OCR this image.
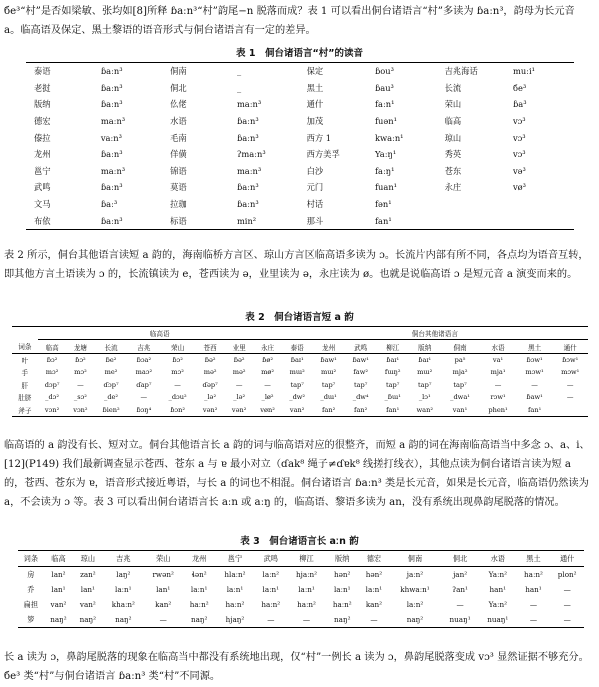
бe³“村”是否如梁敏、张均如[8]所释 ɓaːn³“村”韵尾−n 脱落而成？表 1 可以看出侗台诸语言“村”多读为 ɓaːn³，韵母为长元音 a。临高语及保定、黑土黎语的语音形式与侗台诸语言有一定的差异。
表 1　侗台诸语言“村”的读音
泰语	ɓaːn³	侗南	_	保定	ɓou³	吉兆海话	muːi¹
老挝	ɓaːn³	侗北	_	黑土	ɓau³	长流	бe³
版纳	ɓaːn³	仫佬	maːn³	通什	faːn¹	荣山	ɓa³
德宏	maːn³	水语	ɓaːn³	加茂	fuən¹	临高	vɔ³
傣拉	vaːn³	毛南	ɓaːn³	西方 1	kwaːn¹	琼山	vɔ³
龙州	ɓaːn³	佯僙	ʔmaːn³	西方美孚	Yaːŋ¹	秀英	vɔ³
邕宁	maːn³	锦语	maːn³	白沙	faːŋ¹	苍东	və³
武鸣	ɓaːn³	莫语	ɓaːn³	元门	fuan¹	永庄	vø³
文马	ɓaː³	拉珈	ɓaːn³	村话	fən¹		
布依	ɓaːn³	标语	min²	那斗	fan¹		
表 2 所示，侗台其他语言读短 a 韵的，海南临桥方言区、琼山方言区临高语多读为 ɔ。长流片内部有所不同，各点均为语音互转，即其他方言土语读为 ɔ 的，长流镇读为 e，苍西读为 ə，业里读为 ə，永庄读为 ø。也就是说临高语 ɔ 是短元音 a 演变而来的。
表 2　侗台诸语言短 a 韵
	临高语								侗台其他诸语言								
词条	临高	龙塘	长流	吉兆	荣山	苍西	业里	永庄	泰语	龙州	武鸣	柳江	版纳	侗南	水语	黑土	通什
叶	ɓɔ²	ɓɔ²	ɓe²	ɓɔa²	ɓɔ²	ɓə²	ɓə²	ɓø²	ɓaɪ¹	ɓaw¹	ɓaw¹	ɓaɪ¹	ɓaɪ¹	pa⁵	va¹	ɓɔw¹	ɓɔw¹
手	mɔ²	mɔ²	me²	maɔ²	mɔ²	mə²	mə²	mø²	mɯ²	mɯ²	faw²	fɯŋ²	mɯ²	mja²	mja¹	mɔw¹	mɔw¹
肝	dɔp⁷	—	ɗɔp⁷	ɗap⁷	—	ɗəp⁷	—	—	tap⁷	tap⁷	tap⁷	tap⁷	tap⁷	tap⁷	—	—	—
肚脐	_dɔ²	_sɔ²	_de²	—	_dɔu²	_lə²	_lə²	_lø²	_dw²	_dɯ¹	_dw⁴	_ɓɯ¹	_lɔ¹	_dwa¹	rɔw¹	ɓaw¹	—
斧子	vɔn²	vɔn²	ɓien²	ɓɔŋ⁴	ɓɔn²	vən²	vən²	vøn²	van²	fan²	fan²	fan¹	wan²	van¹	phen¹	fan¹	
临高语的 a 韵没有长、短对立。侗台其他语言长 a 韵的词与临高语对应的很整齐，而短 a 韵的词在海南临高语当中多念 ɔ、a、i、[12](P149) 我们最新调查显示苍西、苍东 a 与 ɐ 最小对立（ɗak⁸ 绳子≠ɗɐk⁸ 线搓打线衣），其他点读为侗台诸语言读为短 a 的，苍西、苍东为 ɐ，语音形式接近粤语，与长 a 的词也不相混。侗台诸语言 ɓaːn³ 类是长元音，如果是长元音，临高语仍然读为 a，不会读为 ɔ 等。表 3 可以看出侗台诸语言长 aːn 或 aːŋ 的，临高语、黎语多读为 an，没有系统出现鼻韵尾脱落的情况。
表 3　侗台诸语言长 aːn 韵
词条	临高	琼山	吉兆	荣山	龙州	邕宁	武鸣	柳江	版纳	德宏	侗南	侗北	水语	黑土	通什
房	lan²	zan²	laŋ²	rwən²	ɬən²	hlaːn²	laːn²	hjaːn²	hən²	hən²	jaːn²	jan²	Yaːn²	haːn²	plon²
乔	lan¹	lan¹	laːn¹	lan¹	laːn¹	laːn¹	laːn¹	laːn¹	laːn¹	laːn¹	khwaːn¹	ʔan¹	han¹	han¹	—
扁担	van²	van²	khaːn²	kan²	haːn²	haːn²	haːn²	haːn²	haːn²	kan²	laːn²	—	Yaːn²	—	—
箩	naŋ²	naŋ²	naŋ²	—	naŋ²	hjaŋ²	—	—	naŋ²	—	naŋ²	nuaŋ¹	nuaŋ¹	—	—
长 a 读为 ɔ，鼻韵尾脱落的现象在临高当中都没有系统地出现，仅“村”一例长 a 读为 ɔ，鼻韵尾脱落变成 vɔ³ 显然证据不够充分。бe³ 类“村”与侗台诸语言 ɓaːn³ 类“村”不同源。
